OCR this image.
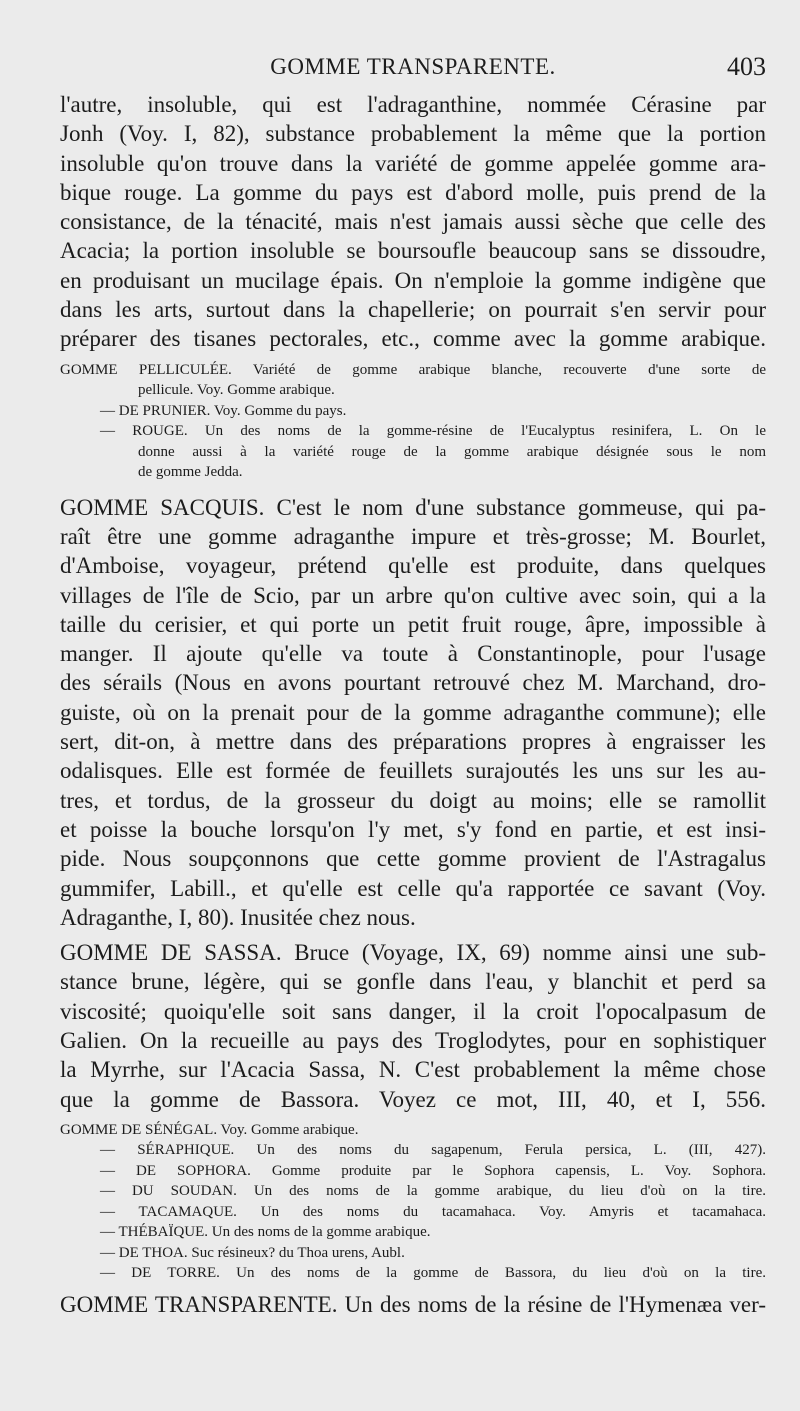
GOMME TRANSPARENTE.	403
l'autre, insoluble, qui est l'adraganthine, nommée Cérasine par
Jonh (Voy. I, 82), substance probablement la même que la portion
insoluble qu'on trouve dans la variété de gomme appelée gomme ara-
bique rouge. La gomme du pays est d'abord molle, puis prend de la
consistance, de la ténacité, mais n'est jamais aussi sèche que celle des
Acacia; la portion insoluble se boursoufle beaucoup sans se dissoudre,
en produisant un mucilage épais. On n'emploie la gomme indigène que
dans les arts, surtout dans la chapellerie; on pourrait s'en servir pour
préparer des tisanes pectorales, etc., comme avec la gomme arabique.
GOMME PELLICULÉE. Variété de gomme arabique blanche, recouverte d'une sorte de
pellicule. Voy. Gomme arabique.
— DE PRUNIER. Voy. Gomme du pays.
— ROUGE. Un des noms de la gomme-résine de l'Eucalyptus resinifera, L. On le
donne aussi à la variété rouge de la gomme arabique désignée sous le nom
de gomme Jedda.
GOMME SACQUIS. C'est le nom d'une substance gommeuse, qui pa-
raît être une gomme adraganthe impure et très-grosse; M. Bourlet,
d'Amboise, voyageur, prétend qu'elle est produite, dans quelques
villages de l'île de Scio, par un arbre qu'on cultive avec soin, qui a la
taille du cerisier, et qui porte un petit fruit rouge, âpre, impossible à
manger. Il ajoute qu'elle va toute à Constantinople, pour l'usage
des sérails (Nous en avons pourtant retrouvé chez M. Marchand, dro-
guiste, où on la prenait pour de la gomme adraganthe commune); elle
sert, dit-on, à mettre dans des préparations propres à engraisser les
odalisques. Elle est formée de feuillets surajoutés les uns sur les au-
tres, et tordus, de la grosseur du doigt au moins; elle se ramollit
et poisse la bouche lorsqu'on l'y met, s'y fond en partie, et est insi-
pide. Nous soupçonnons que cette gomme provient de l'Astragalus
gummifer, Labill., et qu'elle est celle qu'a rapportée ce savant (Voy.
Adraganthe, I, 80). Inusitée chez nous.
GOMME DE SASSA. Bruce (Voyage, IX, 69) nomme ainsi une sub-
stance brune, légère, qui se gonfle dans l'eau, y blanchit et perd sa
viscosité; quoiqu'elle soit sans danger, il la croit l'opocalpasum de
Galien. On la recueille au pays des Troglodytes, pour en sophistiquer
la Myrrhe, sur l'Acacia Sassa, N. C'est probablement la même chose
que la gomme de Bassora. Voyez ce mot, III, 40, et I, 556.
GOMME DE SÉNÉGAL. Voy. Gomme arabique.
— SÉRAPHIQUE. Un des noms du sagapenum, Ferula persica, L. (III, 427).
— DE SOPHORA. Gomme produite par le Sophora capensis, L. Voy. Sophora.
— DU SOUDAN. Un des noms de la gomme arabique, du lieu d'où on la tire.
— TACAMAQUE. Un des noms du tacamahaca. Voy. Amyris et tacamahaca.
— THÉBAÏQUE. Un des noms de la gomme arabique.
— DE THOA. Suc résineux? du Thoa urens, Aubl.
— DE TORRE. Un des noms de la gomme de Bassora, du lieu d'où on la tire.
GOMME TRANSPARENTE. Un des noms de la résine de l'Hymenæa ver-
